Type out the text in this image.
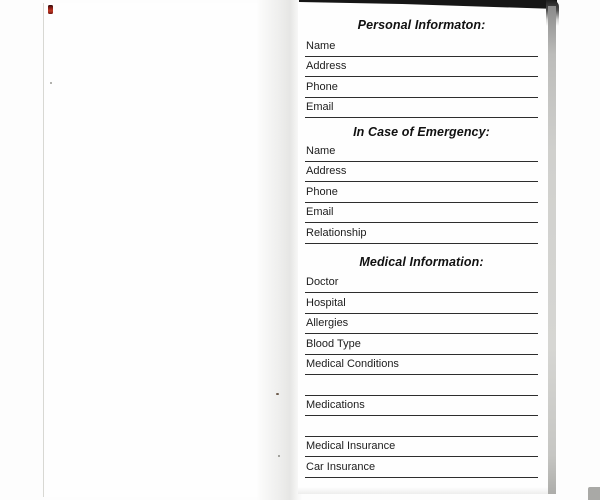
Personal Informaton:
Name
Address
Phone
Email
In Case of Emergency:
Name
Address
Phone
Email
Relationship
Medical Information:
Doctor
Hospital
Allergies
Blood Type
Medical Conditions
Medications
Medical Insurance
Car Insurance
